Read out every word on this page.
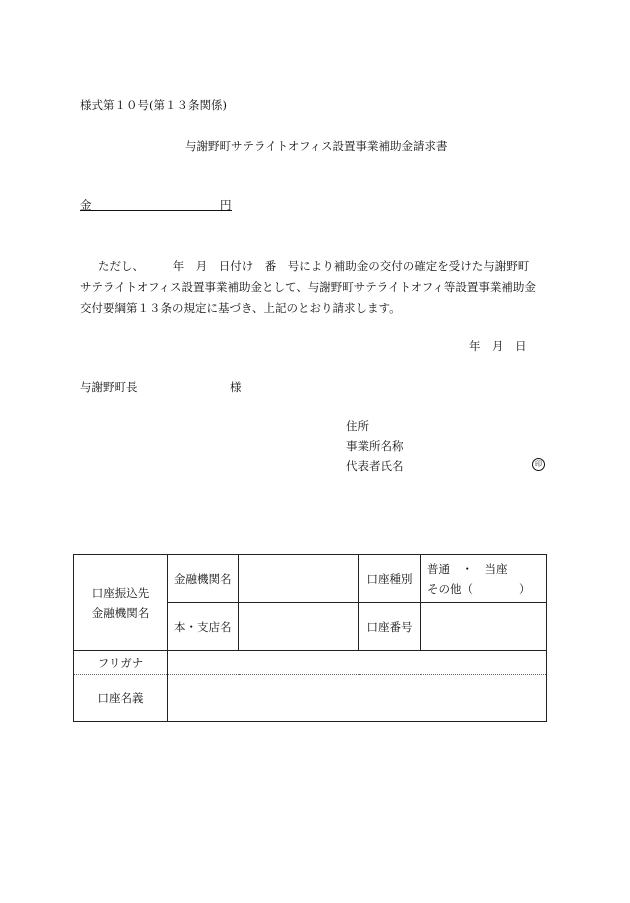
様式第１０号(第１３条関係)
与謝野町サテライトオフィス設置事業補助金請求書
金	円
ただし、　　　年　月　日付け　番　号により補助金の交付の確定を受けた与謝野町
サテライトオフィス設置事業補助金として、与謝野町サテライトオフィ等設置事業補助金
交付要綱第１３条の規定に基づき、上記のとおり請求します。
年　月　日
与謝野町長	様
住所
事業所名称
代表者氏名	印
口座振込先
金融機関名	金融機関名		口座種別	普通　・　当座
その他（　　　　）

	本・支店名		口座番号	
フリガナ				
口座名義				
